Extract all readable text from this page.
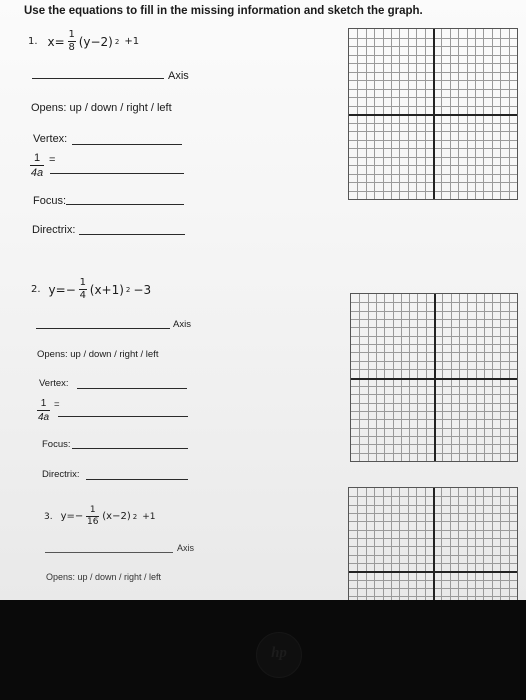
Use the equations to fill in the missing information and sketch the graph.
1. $x= \frac{1}{8} (y-2)$ 2 +1
Axis
Opens: up / down / right / left
Vertex:
$\frac{1}{4a}$ =
Focus:
Directrix:
2. $y=- \frac{1}{4} (x+1)$ 2 −3
Axis
Opens: up / down / right / left
Vertex:
$\frac{1}{4a}$ =
Focus:
Directrix:
3. $y=- \frac{1}{16} (x-2)$ 2 +1
Axis
Opens: up / down / right / left
hp
